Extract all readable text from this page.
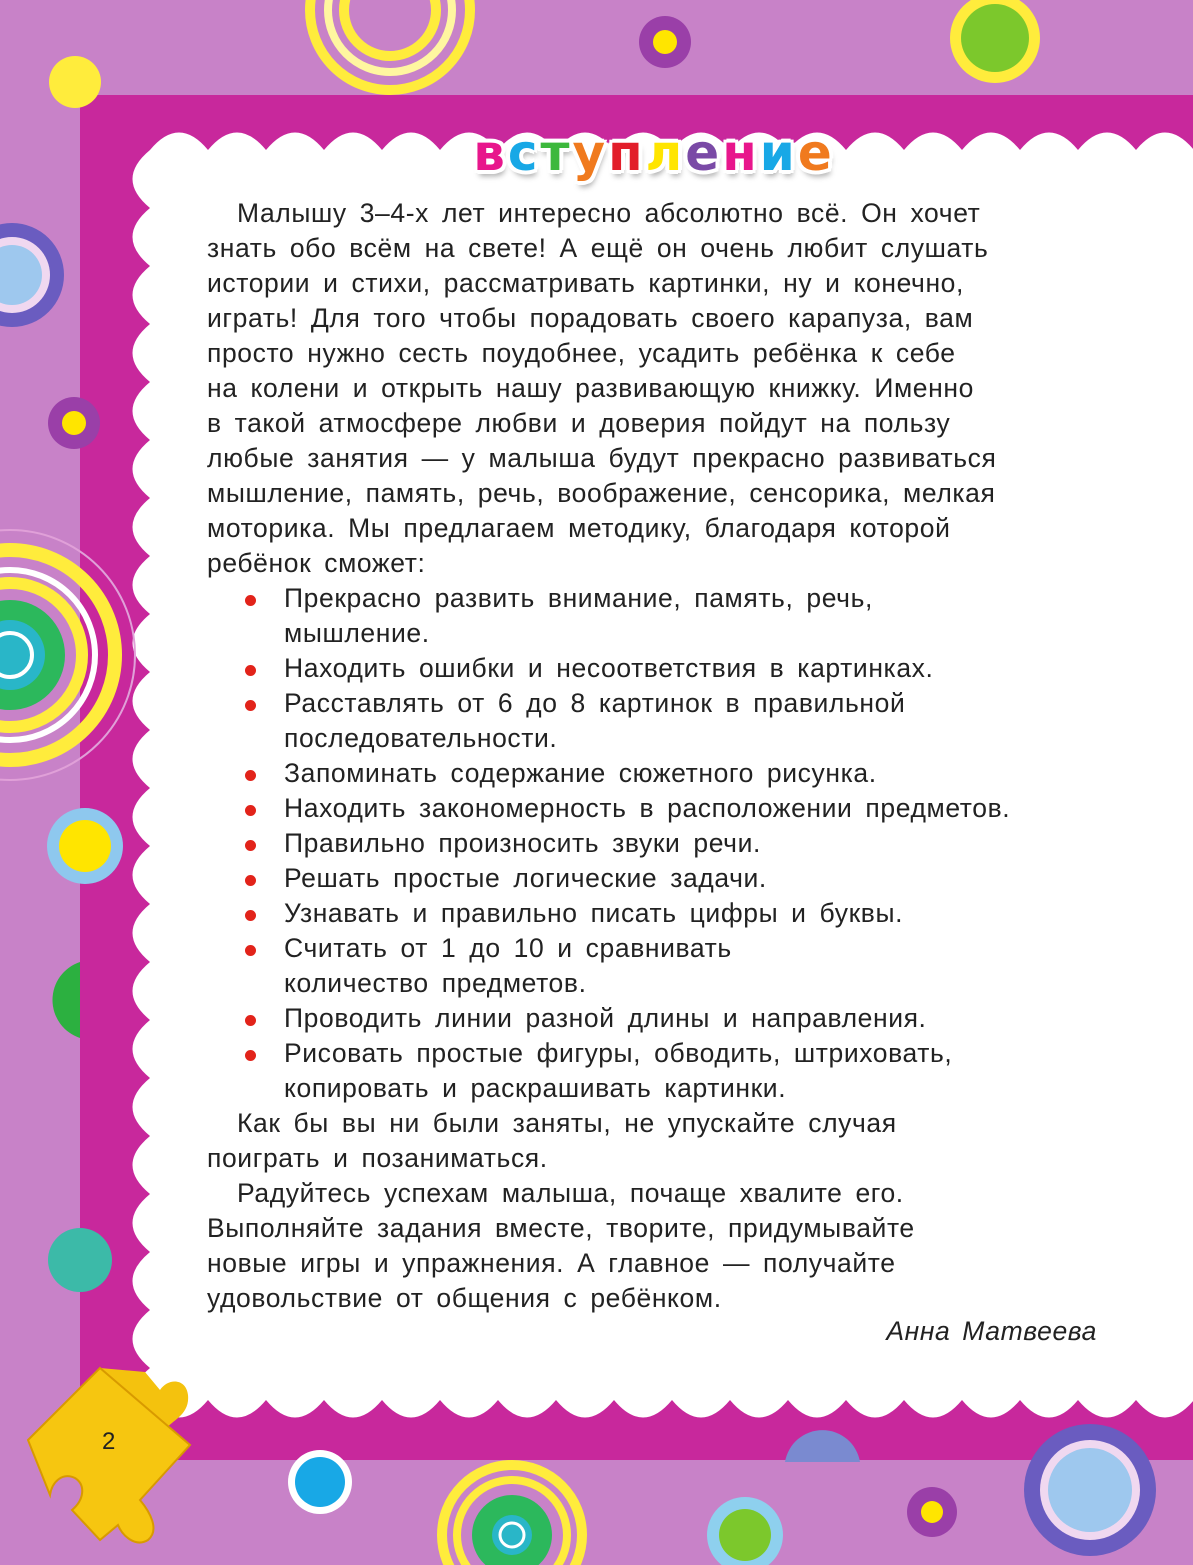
в с т у п л е н и е
Малышу 3–4-х лет интересно абсолютно всё. Он хочет
знать обо всём на свете! А ещё он очень любит слушать
истории и стихи, рассматривать картинки, ну и конечно,
играть! Для того чтобы порадовать своего карапуза, вам
просто нужно сесть поудобнее, усадить ребёнка к себе
на колени и открыть нашу развивающую книжку. Именно
в такой атмосфере любви и доверия пойдут на пользу
любые занятия — у малыша будут прекрасно развиваться
мышление, память, речь, воображение, сенсорика, мелкая
моторика. Мы предлагаем методику, благодаря которой
ребёнок сможет:
Прекрасно развить внимание, память, речь,
мышление.
Находить ошибки и несоответствия в картинках.
Расставлять от 6 до 8 картинок в правильной
последовательности.
Запоминать содержание сюжетного рисунка.
Находить закономерность в расположении предметов.
Правильно произносить звуки речи.
Решать простые логические задачи.
Узнавать и правильно писать цифры и буквы.
Считать от 1 до 10 и сравнивать
количество предметов.
Проводить линии разной длины и направления.
Рисовать простые фигуры, обводить, штриховать,
копировать и раскрашивать картинки.
Как бы вы ни были заняты, не упускайте случая
поиграть и позаниматься.
Радуйтесь успехам малыша, почаще хвалите его.
Выполняйте задания вместе, творите, придумывайте
новые игры и упражнения. А главное — получайте
удовольствие от общения с ребёнком.
Анна Матвеева
2
